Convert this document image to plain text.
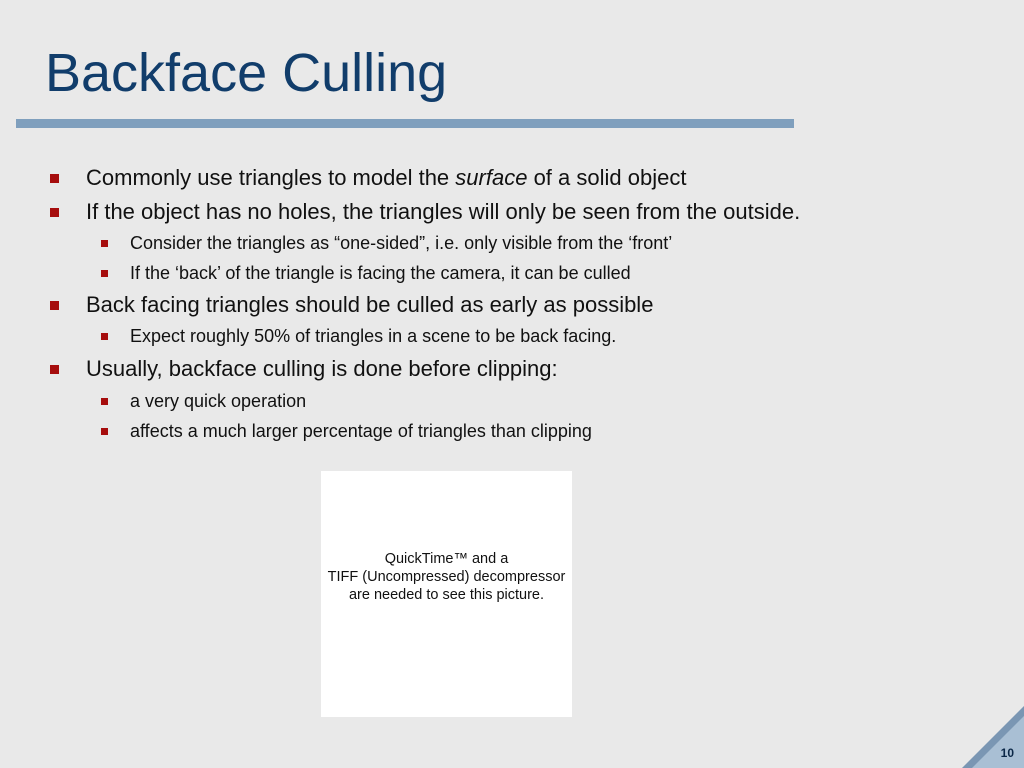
Backface Culling
Commonly use triangles to model the surface of a solid object
If the object has no holes, the triangles will only be seen from the outside.
Consider the triangles as “one-sided”, i.e. only visible from the ‘front’
If the ‘back’ of the triangle is facing the camera, it can be culled
Back facing triangles should be culled as early as possible
Expect roughly 50% of triangles in a scene to be back facing.
Usually, backface culling is done before clipping:
a very quick operation
affects a much larger percentage of triangles than clipping
QuickTime™ and a
TIFF (Uncompressed) decompressor
are needed to see this picture.
10
